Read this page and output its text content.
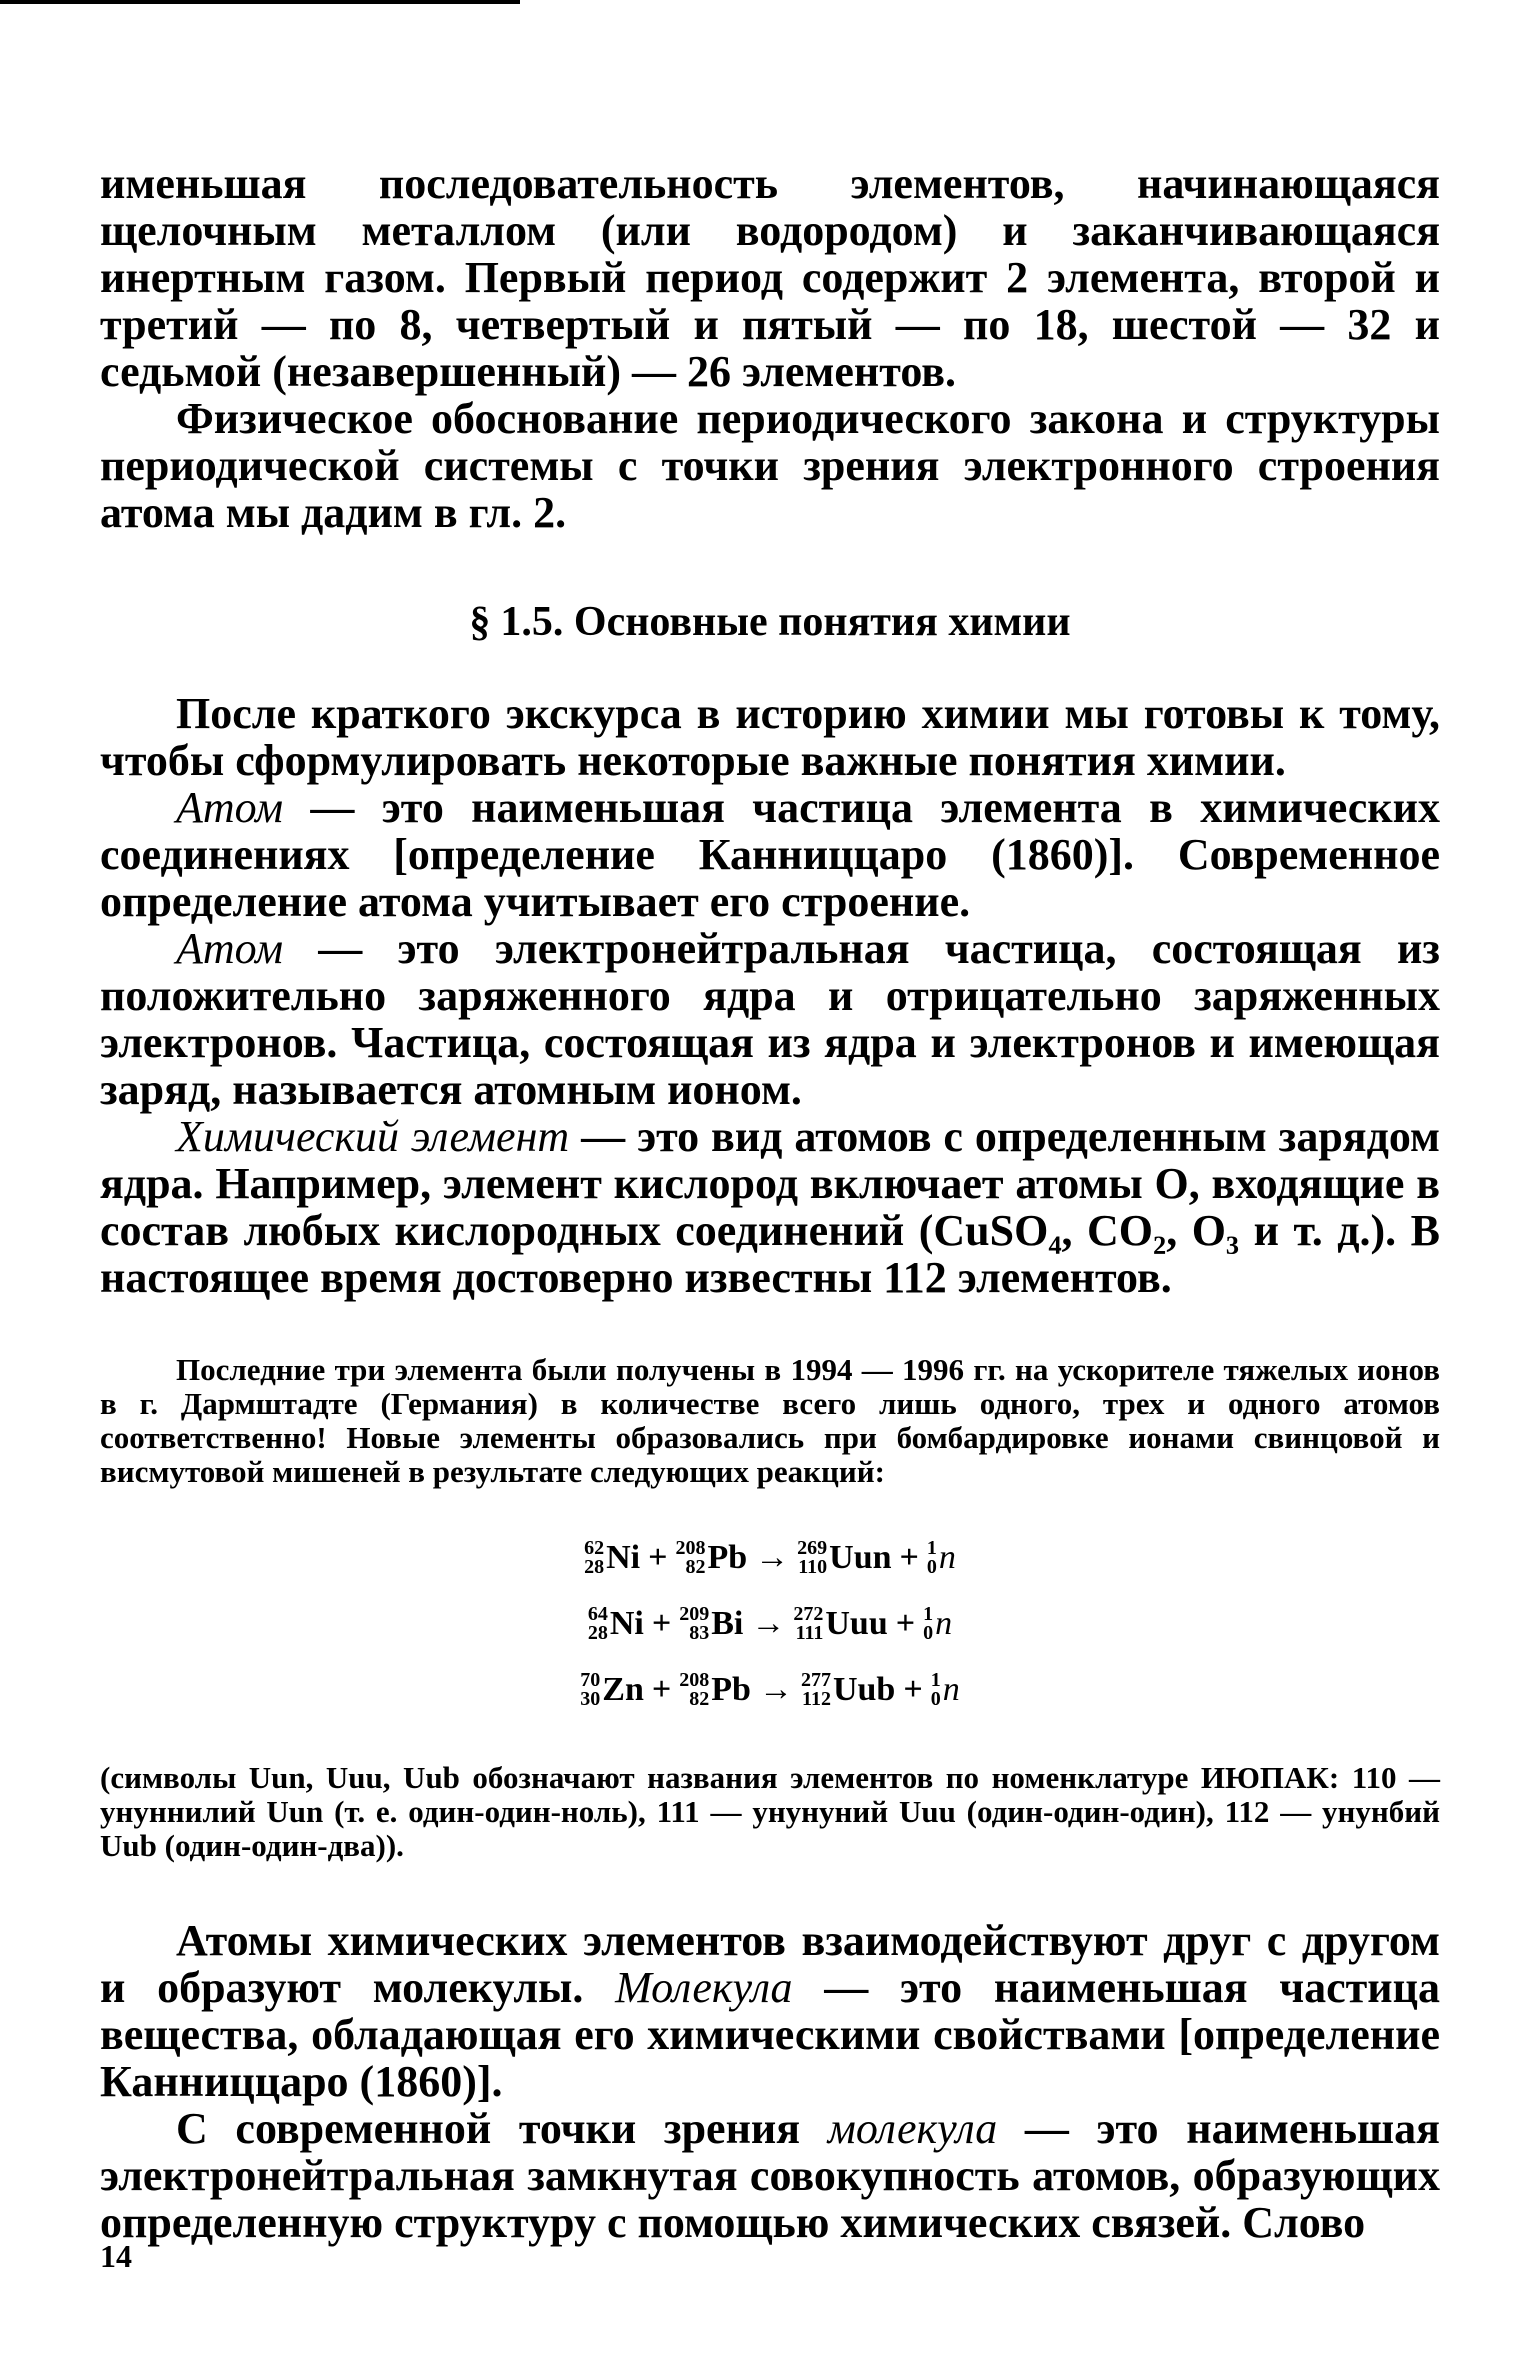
именьшая последовательность элементов, начинающаяся щелочным металлом (или водородом) и заканчивающаяся инертным газом. Первый период содержит 2 элемента, второй и третий — по 8, четвертый и пятый — по 18, шестой — 32 и седьмой (незавершенный) — 26 элементов.

Физическое обоснование периодического закона и структуры периодической системы с точки зрения электронного строения атома мы дадим в гл. 2.

§ 1.5. Основные понятия химии

После краткого экскурса в историю химии мы готовы к тому, чтобы сформулировать некоторые важные понятия химии.

Атом — это наименьшая частица элемента в химических соединениях [определение Канниццаро (1860)]. Современное определение атома учитывает его строение.

Атом — это электронейтральная частица, состоящая из положительно заряженного ядра и отрицательно заряженных электронов. Частица, состоящая из ядра и электронов и имеющая заряд, называется атомным ионом.

Химический элемент — это вид атомов с определенным зарядом ядра. Например, элемент кислород включает атомы О, входящие в состав любых кислородных соединений (CuSO₄, CO₂, O₃ и т. д.). В настоящее время достоверно известны 112 элементов.

Последние три элемента были получены в 1994 — 1996 гг. на ускорителе тяжелых ионов в г. Дармштадте (Германия) в количестве всего лишь одного, трех и одного атомов соответственно! Новые элементы образовались при бомбардировке ионами свинцовой и висмутовой мишеней в результате следующих реакций:

62
28 Ni + 208
82 Pb → 269
110 Uun + 1
0 n
64
28 Ni + 209
83 Bi → 272
111 Uuu + 1
0 n
70
30 Zn + 208
82 Pb → 277
112 Uub + 1
0 n

(символы Uun, Uuu, Uub обозначают названия элементов по номенклатуре ИЮПАК: 110 — унуннилий Uun (т. е. один-один-ноль), 111 — унунуний Uuu (один-один-один), 112 — унунбий Uub (один-один-два)).

Атомы химических элементов взаимодействуют друг с другом и образуют молекулы. Молекула — это наименьшая частица вещества, обладающая его химическими свойствами [определение Канниццаро (1860)].

С современной точки зрения молекула — это наименьшая электронейтральная замкнутая совокупность атомов, образующих определенную структуру с помощью химических связей. Слово

14
